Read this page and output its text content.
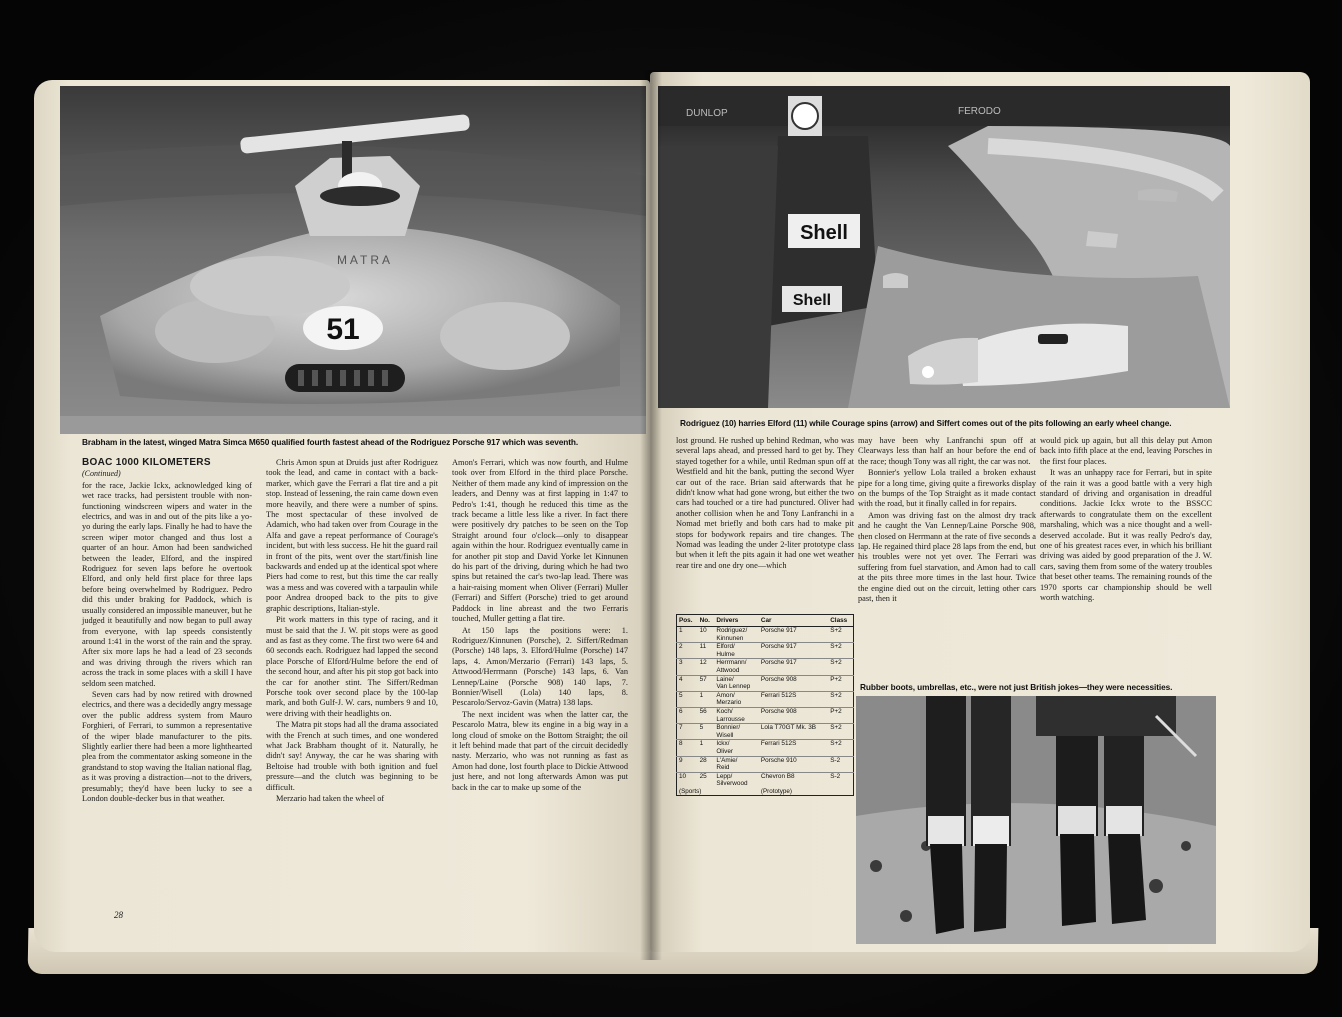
51
MATRA
Brabham in the latest, winged Matra Simca M650 qualified fourth fastest ahead of the Rodriguez Porsche 917 which was seventh.

BOAC 1000 KILOMETERS

(Continued)

for the race, Jackie Ickx, acknowledged king of wet race tracks, had persistent trouble with non-functioning windscreen wipers and water in the electrics, and was in and out of the pits like a yo-yo during the early laps. Finally he had to have the screen wiper motor changed and thus lost a quarter of an hour. Amon had been sandwiched between the leader, Elford, and the inspired Rodriguez for seven laps before he overtook Elford, and only held first place for three laps before being overwhelmed by Rodriguez. Pedro did this under braking for Paddock, which is usually considered an impossible maneuver, but he judged it beautifully and now began to pull away from everyone, with lap speeds consistently around 1:41 in the worst of the rain and the spray. After six more laps he had a lead of 23 seconds and was driving through the rivers which ran across the track in some places with a skill I have seldom seen matched.

Seven cars had by now retired with drowned electrics, and there was a decidedly angry message over the public address system from Mauro Forghieri, of Ferrari, to summon a representative of the wiper blade manufacturer to the pits. Slightly earlier there had been a more lighthearted plea from the commentator asking someone in the grandstand to stop waving the Italian national flag, as it was proving a distraction—not to the drivers, presumably; they'd have been lucky to see a London double-decker bus in that weather.

Chris Amon spun at Druids just after Rodriguez took the lead, and came in contact with a back-marker, which gave the Ferrari a flat tire and a pit stop. Instead of lessening, the rain came down even more heavily, and there were a number of spins. The most spectacular of these involved de Adamich, who had taken over from Courage in the Alfa and gave a repeat performance of Courage's incident, but with less success. He hit the guard rail in front of the pits, went over the start/finish line backwards and ended up at the identical spot where Piers had come to rest, but this time the car really was a mess and was covered with a tarpaulin while poor Andrea drooped back to the pits to give graphic descriptions, Italian-style.

Pit work matters in this type of racing, and it must be said that the J. W. pit stops were as good and as fast as they come. The first two were 64 and 60 seconds each. Rodriguez had lapped the second place Porsche of Elford/Hulme before the end of the second hour, and after his pit stop got back into the car for another stint. The Siffert/Redman Porsche took over second place by the 100-lap mark, and both Gulf-J. W. cars, numbers 9 and 10, were driving with their headlights on.

The Matra pit stops had all the drama associated with the French at such times, and one wondered what Jack Brabham thought of it. Naturally, he didn't say! Anyway, the car he was sharing with Beltoise had trouble with both ignition and fuel pressure—and the clutch was beginning to be difficult.

Merzario had taken the wheel of

Amon's Ferrari, which was now fourth, and Hulme took over from Elford in the third place Porsche. Neither of them made any kind of impression on the leaders, and Denny was at first lapping in 1:47 to Pedro's 1:41, though he reduced this time as the track became a little less like a river. In fact there were positively dry patches to be seen on the Top Straight around four o'clock—only to disappear again within the hour. Rodriguez eventually came in for another pit stop and David Yorke let Kinnunen do his part of the driving, during which he had two spins but retained the car's two-lap lead. There was a hair-raising moment when Oliver (Ferrari) Muller (Ferrari) and Siffert (Porsche) tried to get around Paddock in line abreast and the two Ferraris touched, Muller getting a flat tire.

At 150 laps the positions were: 1. Rodriguez/Kinnunen (Porsche), 2. Siffert/Redman (Porsche) 148 laps, 3. Elford/Hulme (Porsche) 147 laps, 4. Amon/Merzario (Ferrari) 143 laps, 5. Attwood/Herrmann (Porsche) 143 laps, 6. Van Lennep/Laine (Porsche 908) 140 laps, 7. Bonnier/Wisell (Lola) 140 laps, 8. Pescarolo/Servoz-Gavin (Matra) 138 laps.

The next incident was when the latter car, the Pescarolo Matra, blew its engine in a big way in a long cloud of smoke on the Bottom Straight; the oil it left behind made that part of the circuit decidedly nasty. Merzario, who was not running as fast as Amon had done, lost fourth place to Dickie Attwood just here, and not long afterwards Amon was put back in the car to make up some of the

28
DUNLOP	FERODO
Shell
Shell
Rodriguez (10) harries Elford (11) while Courage spins (arrow) and Siffert comes out of the pits following an early wheel change.

lost ground. He rushed up behind Redman, who was several laps ahead, and pressed hard to get by. They stayed together for a while, until Redman spun off at Westfield and hit the bank, putting the second Wyer car out of the race. Brian said afterwards that he didn't know what had gone wrong, but either the two cars had touched or a tire had punctured. Oliver had another collision when he and Tony Lanfranchi in a Nomad met briefly and both cars had to make pit stops for bodywork repairs and tire changes. The Nomad was leading the under 2-liter prototype class but when it left the pits again it had one wet weather rear tire and one dry one—which

may have been why Lanfranchi spun off at Clearways less than half an hour before the end of the race; though Tony was all right, the car was not.

Bonnier's yellow Lola trailed a broken exhaust pipe for a long time, giving quite a fireworks display on the bumps of the Top Straight as it made contact with the road, but it finally called in for repairs.

Amon was driving fast on the almost dry track and he caught the Van Lennep/Laine Porsche 908, then closed on Herrmann at the rate of five seconds a lap. He regained third place 28 laps from the end, but his troubles were not yet over. The Ferrari was suffering from fuel starvation, and Amon had to call at the pits three more times in the last hour. Twice the engine died out on the circuit, letting other cars past, then it

would pick up again, but all this delay put Amon back into fifth place at the end, leaving Porsches in the first four places.

It was an unhappy race for Ferrari, but in spite of the rain it was a good battle with a very high standard of driving and organisation in dreadful conditions. Jackie Ickx wrote to the BSSCC afterwards to congratulate them on the excellent marshaling, which was a nice thought and a well-deserved accolade. But it was really Pedro's day, one of his greatest races ever, in which his brilliant driving was aided by good preparation of the J. W. cars, saving them from some of the watery troubles that beset other teams. The remaining rounds of the 1970 sports car championship should be well worth watching.

Rubber boots, umbrellas, etc., were not just British jokes—they were necessities.
Pos.	No.	Drivers	Car	Class
1	10	Rodriguez/	Porsche 917	S+2
		Kinnunen		
2	11	Elford/	Porsche 917	S+2
		Hulme		
3	12	Herrmann/	Porsche 917	S+2
		Attwood		
4	57	Laine/	Porsche 908	P+2
		Van Lennep		
5	1	Amon/	Ferrari 512S	S+2
		Merzario		
6	56	Koch/	Porsche 908	P+2
		Larrousse		
7	5	Bonnier/	Lola T70GT Mk. 3B	S+2
		Wisell		
8	1	Ickx/	Ferrari 512S	S+2
		Oliver		
9	28	L'Amie/	Porsche 910	S-2
		Reid		
10	25	Lepp/	Chevron B8	S-2
		Silverwood		
(Sports)			(Prototype)	
